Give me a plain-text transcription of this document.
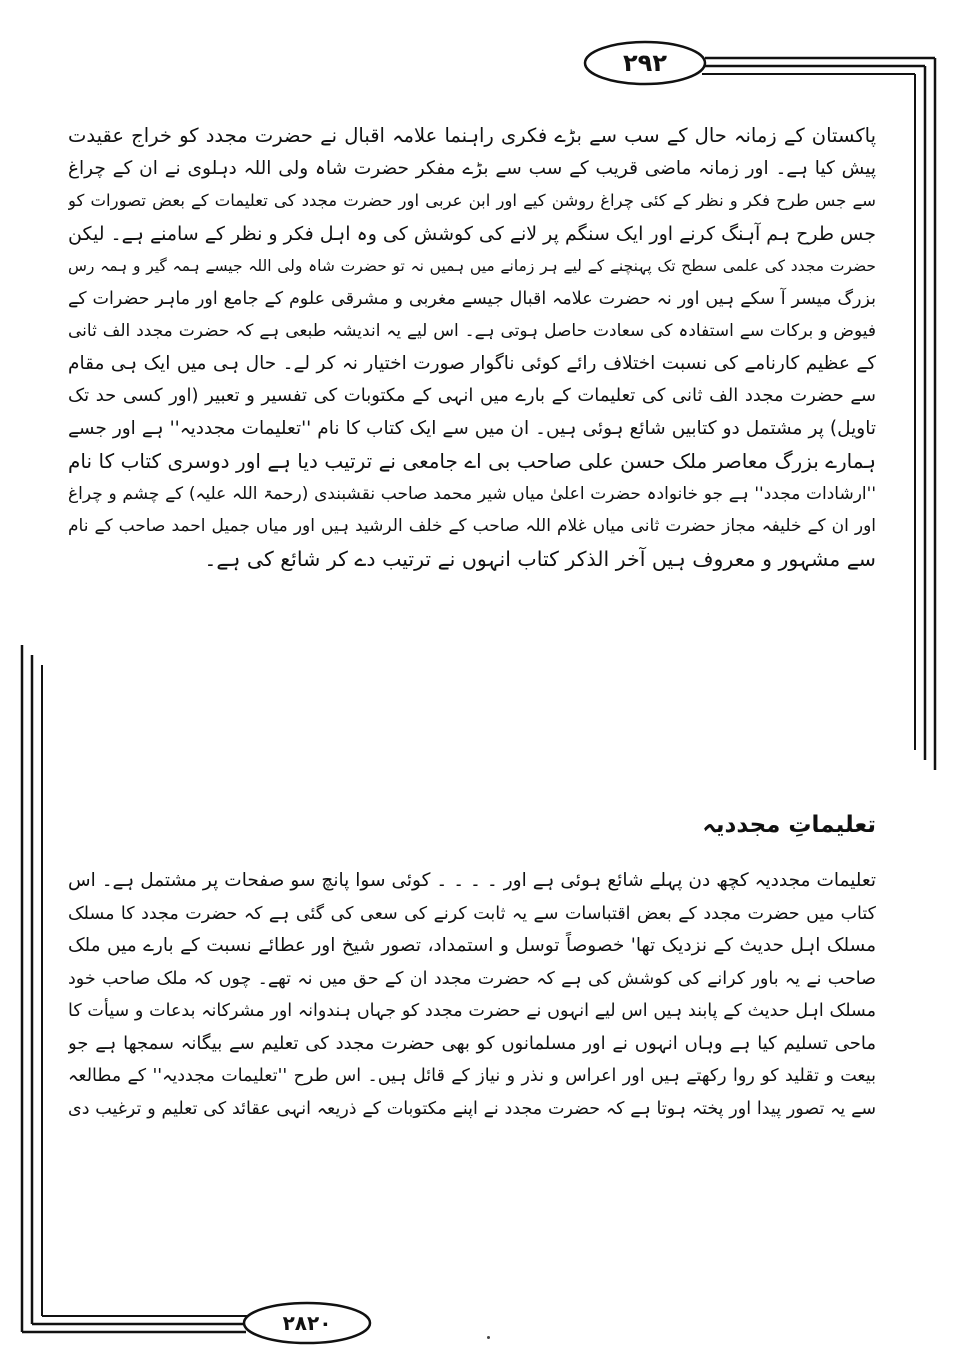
۲۹۲
۲۸۲۰
پاکستان کے زمانہ حال کے سب سے بڑے فکری راہنما علامہ اقبال نے حضرت مجدد کو خراج عقیدت
پیش کیا ہے۔ اور زمانہ ماضی قریب کے سب سے بڑے مفکر حضرت شاہ ولی اللہ دہلوی نے ان کے چراغ
سے جس طرح فکر و نظر کے کئی چراغ روشن کیے اور ابن عربی اور حضرت مجدد کی تعلیمات کے بعض تصورات کو
جس طرح ہم آہنگ کرنے اور ایک سنگم پر لانے کی کوشش کی وہ اہل فکر و نظر کے سامنے ہے۔ لیکن
حضرت مجدد کی علمی سطح تک پہنچنے کے لیے ہر زمانے میں ہمیں نہ تو حضرت شاہ ولی اللہ جیسے ہمہ گیر و ہمہ رس
بزرگ میسر آ سکے ہیں اور نہ حضرت علامہ اقبال جیسے مغربی و مشرقی علوم کے جامع اور ماہر حضرات کے
فیوض و برکات سے استفادہ کی سعادت حاصل ہوتی ہے۔ اس لیے یہ اندیشہ طبعی ہے کہ حضرت مجدد الف ثانی
کے عظیم کارنامے کی نسبت اختلاف رائے کوئی ناگوار صورت اختیار نہ کر لے۔ حال ہی میں ایک ہی مقام
سے حضرت مجدد الف ثانی کی تعلیمات کے بارے میں انہی کے مکتوبات کی تفسیر و تعبیر (اور کسی حد تک
تاویل) پر مشتمل دو کتابیں شائع ہوئی ہیں۔ ان میں سے ایک کتاب کا نام ''تعلیمات مجددیہ'' ہے اور جسے
ہمارے بزرگ معاصر ملک حسن علی صاحب بی اے جامعی نے ترتیب دیا ہے اور دوسری کتاب کا نام
''ارشادات مجدد'' ہے جو خانوادہ حضرت اعلیٰ میاں شیر محمد صاحب نقشبندی (رحمۃ اللہ علیہ) کے چشم و چراغ
اور ان کے خلیفہ مجاز حضرت ثانی میاں غلام اللہ صاحب کے خلف الرشید ہیں اور میاں جمیل احمد صاحب کے نام
سے مشہور و معروف ہیں آخر الذکر کتاب انہوں نے ترتیب دے کر شائع کی ہے۔
تعلیماتِ مجددیہ
تعلیمات مجددیہ کچھ دن پہلے شائع ہوئی ہے اور ۔ ۔ ۔ ۔ کوئی سوا پانچ سو صفحات پر مشتمل ہے۔ اس
کتاب میں حضرت مجدد کے بعض اقتباسات سے یہ ثابت کرنے کی سعی کی گئی ہے کہ حضرت مجدد کا مسلک
مسلک اہل حدیث کے نزدیک تھا' خصوصاً توسل و استمداد، تصور شیخ اور عطائے نسبت کے بارے میں ملک
صاحب نے یہ باور کرانے کی کوشش کی ہے کہ حضرت مجدد ان کے حق میں نہ تھے۔ چوں کہ ملک صاحب خود
مسلک اہل حدیث کے پابند ہیں اس لیے انہوں نے حضرت مجدد کو جہاں ہندوانہ اور مشرکانہ بدعات و سیأت کا
ماحی تسلیم کیا ہے وہاں انہوں نے اور مسلمانوں کو بھی حضرت مجدد کی تعلیم سے بیگانہ سمجھا ہے جو
بیعت و تقلید کو روا رکھتے ہیں اور اعراس و نذر و نیاز کے قائل ہیں۔ اس طرح ''تعلیمات مجددیہ'' کے مطالعہ
سے یہ تصور پیدا اور پختہ ہوتا ہے کہ حضرت مجدد نے اپنے مکتوبات کے ذریعہ انہی عقائد کی تعلیم و ترغیب دی
